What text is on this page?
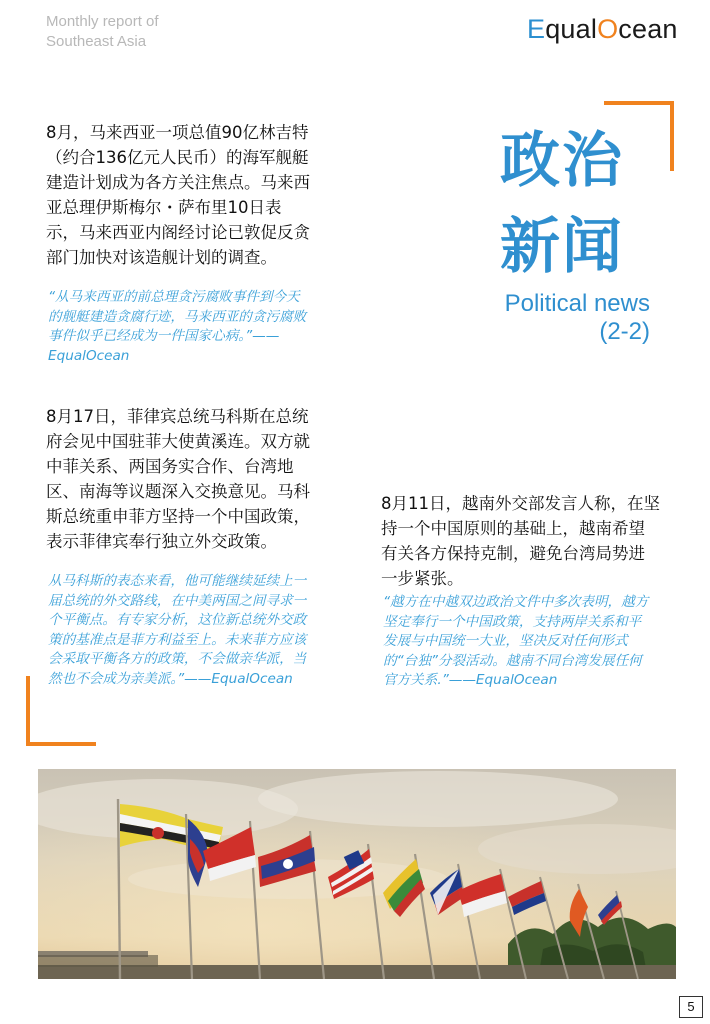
Monthly report of
Southeast Asia	EqualOcean
政治
新闻
Political news
(2-2)
8月，马来西亚一项总值90亿林吉特（约合136亿元人民币）的海军舰艇建造计划成为各方关注焦点。马来西亚总理伊斯梅尔・萨布里10日表示，马来西亚内阁经讨论已敦促反贪部门加快对该造舰计划的调查。
“从马来西亚的前总理贪污腐败事件到今天的舰艇建造贪腐行迹，马来西亚的贪污腐败事件似乎已经成为一件国家心病。”——EqualOcean
8月17日，菲律宾总统马科斯在总统府会见中国驻菲大使黄溪连。双方就中菲关系、两国务实合作、台湾地区、南海等议题深入交换意见。马科斯总统重申菲方坚持一个中国政策，表示菲律宾奉行独立外交政策。
从马科斯的表态来看，他可能继续延续上一届总统的外交路线，在中美两国之间寻求一个平衡点。有专家分析，这位新总统外交政策的基准点是菲方利益至上。未来菲方应该会采取平衡各方的政策，不会做亲华派，当然也不会成为亲美派。”——EqualOcean
8月11日，越南外交部发言人称，在坚持一个中国原则的基础上，越南希望有关各方保持克制，避免台湾局势进一步紧张。
“越方在中越双边政治文件中多次表明，越方坚定奉行一个中国政策，支持两岸关系和平发展与中国统一大业，坚决反对任何形式的“台独”分裂活动。越南不同台湾发展任何官方关系.”——EqualOcean
5
